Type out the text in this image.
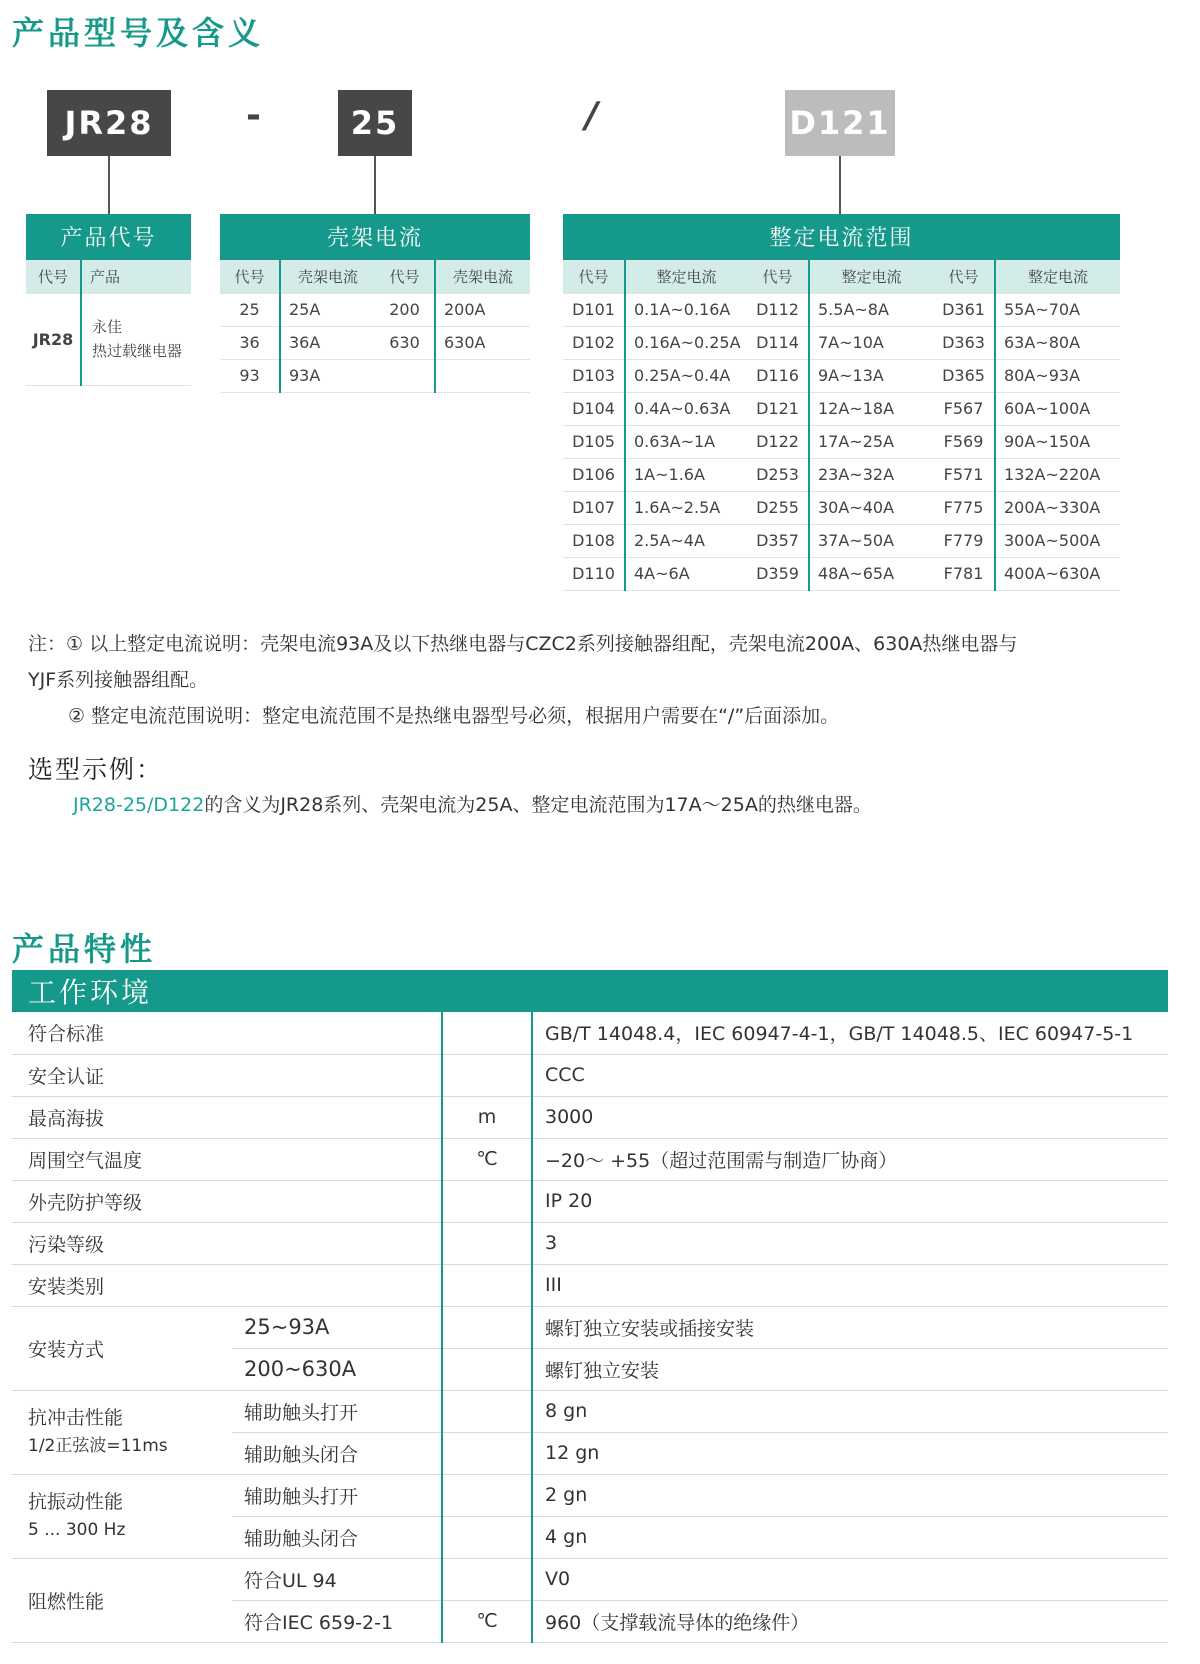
产品型号及含义
JR28	-	25	/	D121
产品代号	
代号	产品
JR28	永佳
热过载继电器
壳架电流			
代号	壳架电流	代号	壳架电流
25	25A	200	200A
36	36A	630	630A
93	93A		
整定电流范围					
代号	整定电流	代号	整定电流	代号	整定电流
D101	0.1A~0.16A	D112	5.5A~8A	D361	55A~70A
D102	0.16A~0.25A	D114	7A~10A	D363	63A~80A
D103	0.25A~0.4A	D116	9A~13A	D365	80A~93A
D104	0.4A~0.63A	D121	12A~18A	F567	60A~100A
D105	0.63A~1A	D122	17A~25A	F569	90A~150A
D106	1A~1.6A	D253	23A~32A	F571	132A~220A
D107	1.6A~2.5A	D255	30A~40A	F775	200A~330A
D108	2.5A~4A	D357	37A~50A	F779	300A~500A
D110	4A~6A	D359	48A~65A	F781	400A~630A
注：① 以上整定电流说明：壳架电流93A及以下热继电器与CZC2系列接触器组配，壳架电流200A、630A热继电器与
YJF系列接触器组配。
② 整定电流范围说明：整定电流范围不是热继电器型号必须，根据用户需要在“/”后面添加。
选型示例：
JR28-25/D122的含义为JR28系列、壳架电流为25A、整定电流范围为17A～25A的热继电器。
产品特性
工作环境
符合标准			GB/T 14048.4，IEC 60947-4-1，GB/T 14048.5、IEC 60947-5-1
安全认证			CCC
最高海拔		m	3000
周围空气温度		℃	−20～ +55（超过范围需与制造厂协商）
外壳防护等级			IP 20
污染等级			3
安装类别			III
安装方式	25~93A		螺钉独立安装或插接安装
	200~630A		螺钉独立安装

抗冲击性能
1/2正弦波=11ms	辅助触头打开		8 gn
	辅助触头闭合		12 gn

抗振动性能
5 ... 300 Hz	辅助触头打开		2 gn
	辅助触头闭合		4 gn
阻燃性能	符合UL 94		V0
	符合IEC 659-2-1	℃	960（支撑载流导体的绝缘件）
